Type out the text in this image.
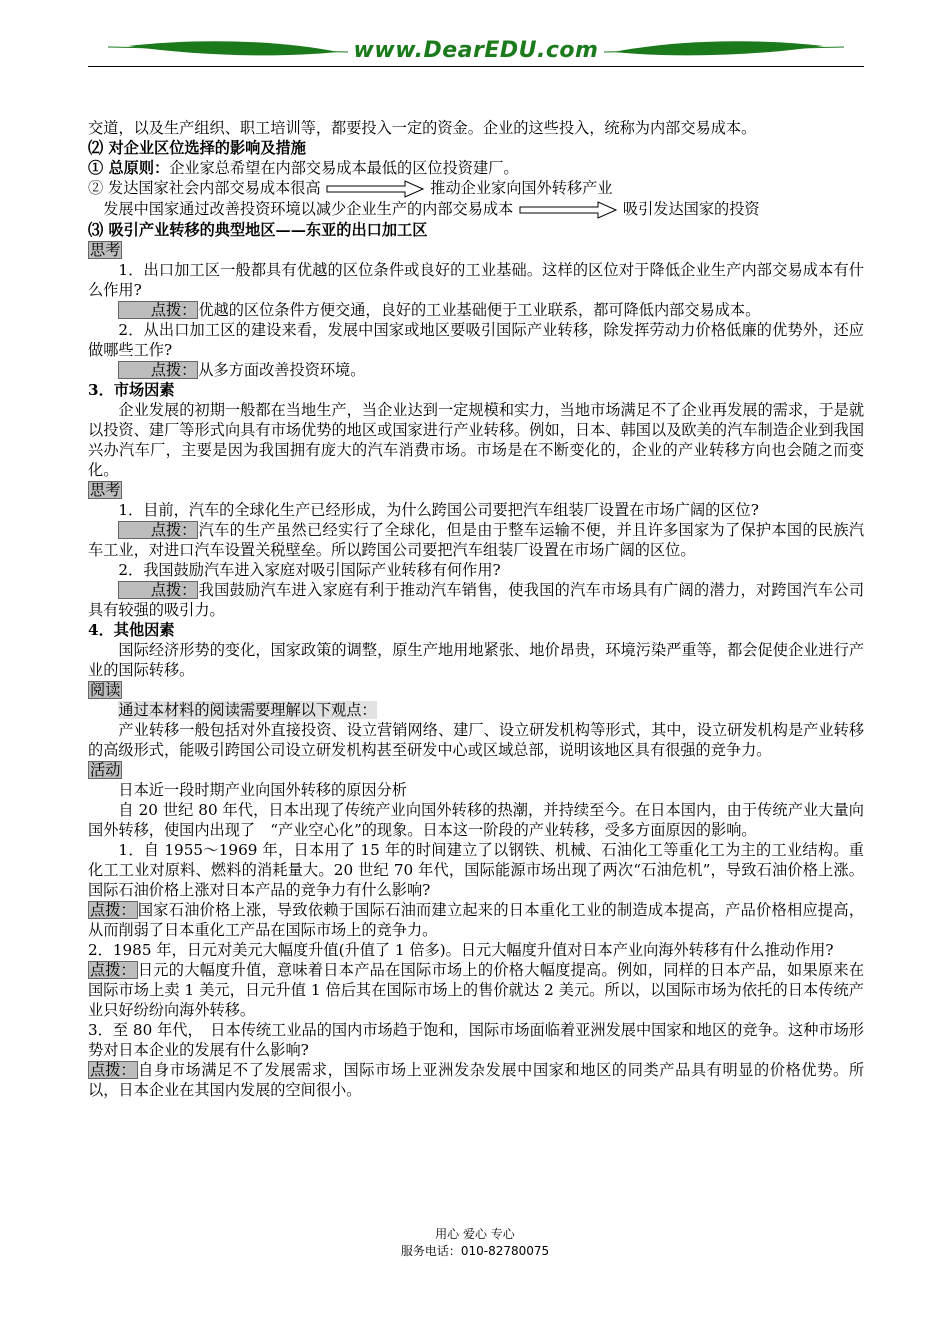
www.DearEDU.com

交道，以及生产组织、职工培训等，都要投入一定的资金。企业的这些投入，统称为内部交易成本。

⑵ 对企业区位选择的影响及措施

① 总原则：企业家总希望在内部交易成本最低的区位投资建厂。

② 发达国家社会内部交易成本很高	推动企业家向国外转移产业

发展中国家通过改善投资环境以减少企业生产的内部交易成本	吸引发达国家的投资

⑶ 吸引产业转移的典型地区——东亚的出口加工区

思考

1．出口加工区一般都具有优越的区位条件或良好的工业基础。这样的区位对于降低企业生产内部交易成本有什么作用?

点拨： 优越的区位条件方便交通，良好的工业基础便于工业联系，都可降低内部交易成本。

2．从出口加工区的建设来看，发展中国家或地区要吸引国际产业转移，除发挥劳动力价格低廉的优势外，还应做哪些工作?

点拨： 从多方面改善投资环境。

3．市场因素

企业发展的初期一般都在当地生产，当企业达到一定规模和实力，当地市场满足不了企业再发展的需求，于是就以投资、建厂等形式向具有市场优势的地区或国家进行产业转移。例如，日本、韩国以及欧美的汽车制造企业到我国兴办汽车厂，主要是因为我国拥有庞大的汽车消费市场。市场是在不断变化的，企业的产业转移方向也会随之而变化。

思考

1．目前，汽车的全球化生产已经形成，为什么跨国公司要把汽车组装厂设置在市场广阔的区位?

点拨： 汽车的生产虽然已经实行了全球化，但是由于整车运输不便，并且许多国家为了保护本国的民族汽车工业，对进口汽车设置关税壁垒。所以跨国公司要把汽车组装厂设置在市场广阔的区位。

2．我国鼓励汽车进入家庭对吸引国际产业转移有何作用?

点拨： 我国鼓励汽车进入家庭有利于推动汽车销售，使我国的汽车市场具有广阔的潜力，对跨国汽车公司具有较强的吸引力。

4．其他因素

国际经济形势的变化，国家政策的调整，原生产地用地紧张、地价昂贵，环境污染严重等，都会促使企业进行产业的国际转移。

阅读

通过本材料的阅读需要理解以下观点：

产业转移一般包括对外直接投资、设立营销网络、建厂、设立研发机构等形式，其中，设立研发机构是产业转移的高级形式，能吸引跨国公司设立研发机构甚至研发中心或区域总部，说明该地区具有很强的竞争力。

活动

日本近一段时期产业向国外转移的原因分析

自 20 世纪 80 年代，日本出现了传统产业向国外转移的热潮，并持续至今。在日本国内，由于传统产业大量向国外转移，使国内出现了　“产业空心化”的现象。日本这一阶段的产业转移，受多方面原因的影响。

1．自 1955～1969 年，日本用了 15 年的时间建立了以钢铁、机械、石油化工等重化工为主的工业结构。重化工工业对原料、燃料的消耗量大。20 世纪 70 年代，国际能源市场出现了两次“石油危机”，导致石油价格上涨。国际石油价格上涨对日本产品的竞争力有什么影响?

点拨： 国家石油价格上涨，导致依赖于国际石油而建立起来的日本重化工业的制造成本提高，产品价格相应提高，从而削弱了日本重化工产品在国际市场上的竞争力。

2．1985 年，日元对美元大幅度升值(升值了 1 倍多)。日元大幅度升值对日本产业向海外转移有什么推动作用?

点拨： 日元的大幅度升值，意味着日本产品在国际市场上的价格大幅度提高。例如，同样的日本产品，如果原来在国际市场上卖 1 美元，日元升值 1 倍后其在国际市场上的售价就达 2 美元。所以，以国际市场为依托的日本传统产业只好纷纷向海外转移。

3．至 80 年代，　日本传统工业品的国内市场趋于饱和，国际市场面临着亚洲发展中国家和地区的竞争。这种市场形势对日本企业的发展有什么影响?

点拨： 自身市场满足不了发展需求，国际市场上亚洲发杂发展中国家和地区的同类产品具有明显的价格优势。所以，日本企业在其国内发展的空间很小。

用心 爱心 专心
服务电话：010-82780075
